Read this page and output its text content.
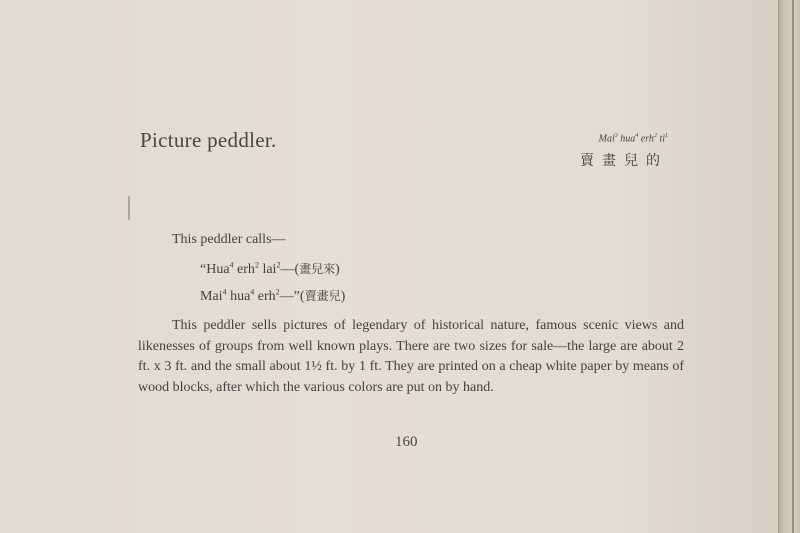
Picture peddler.	Mai$^3$ hua$^4$ erh$^2$ $ti^1$
賣畫兒的
This peddler calls—
“Hua$^4$ erh$^2$ lai$^2$—(畫兒來)
Mai$^4$ hua$^4$ erh$^2$—”(賣畫兒)
This peddler sells pictures of legendary of historical nature, famous scenic views and likenesses of groups from well known plays. There are two sizes for sale—the large are about 2 ft. x 3 ft. and the small about 1½ ft. by 1 ft. They are printed on a cheap white paper by means of wood blocks, after which the various colors are put on by hand.
160
